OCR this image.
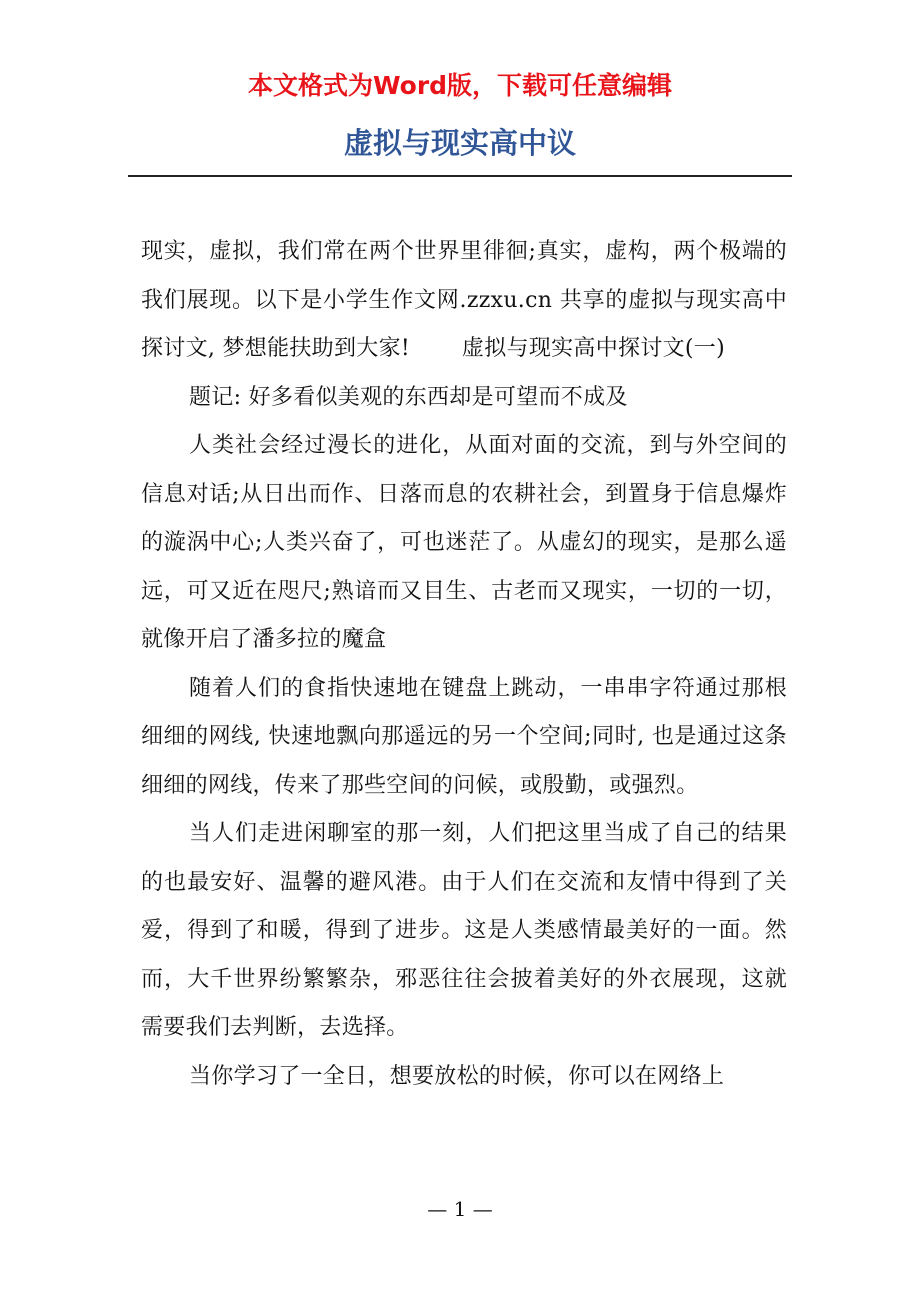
本文格式为Word版，下载可任意编辑
虚拟与现实高中议

现实，虚拟，我们常在两个世界里徘徊;真实，虚构，两个极端的我们展现。以下是小学生作文网.zzxu.cn 共享的虚拟与现实高中探讨文, 梦想能扶助到大家!　　 虚拟与现实高中探讨文(一)

题记: 好多看似美观的东西却是可望而不成及

人类社会经过漫长的进化，从面对面的交流，到与外空间的信息对话;从日出而作、日落而息的农耕社会，到置身于信息爆炸的漩涡中心;人类兴奋了，可也迷茫了。从虚幻的现实，是那么遥远，可又近在咫尺;熟谙而又目生、古老而又现实，一切的一切，就像开启了潘多拉的魔盒

随着人们的食指快速地在键盘上跳动，一串串字符通过那根细细的网线, 快速地飘向那遥远的另一个空间;同时, 也是通过这条细细的网线，传来了那些空间的问候，或殷勤，或强烈。

当人们走进闲聊室的那一刻，人们把这里当成了自己的结果的也最安好、温馨的避风港。由于人们在交流和友情中得到了关爱，得到了和暖，得到了进步。这是人类感情最美好的一面。然而，大千世界纷繁繁杂，邪恶往往会披着美好的外衣展现，这就需要我们去判断，去选择。

当你学习了一全日，想要放松的时候，你可以在网络上

— 1 —
